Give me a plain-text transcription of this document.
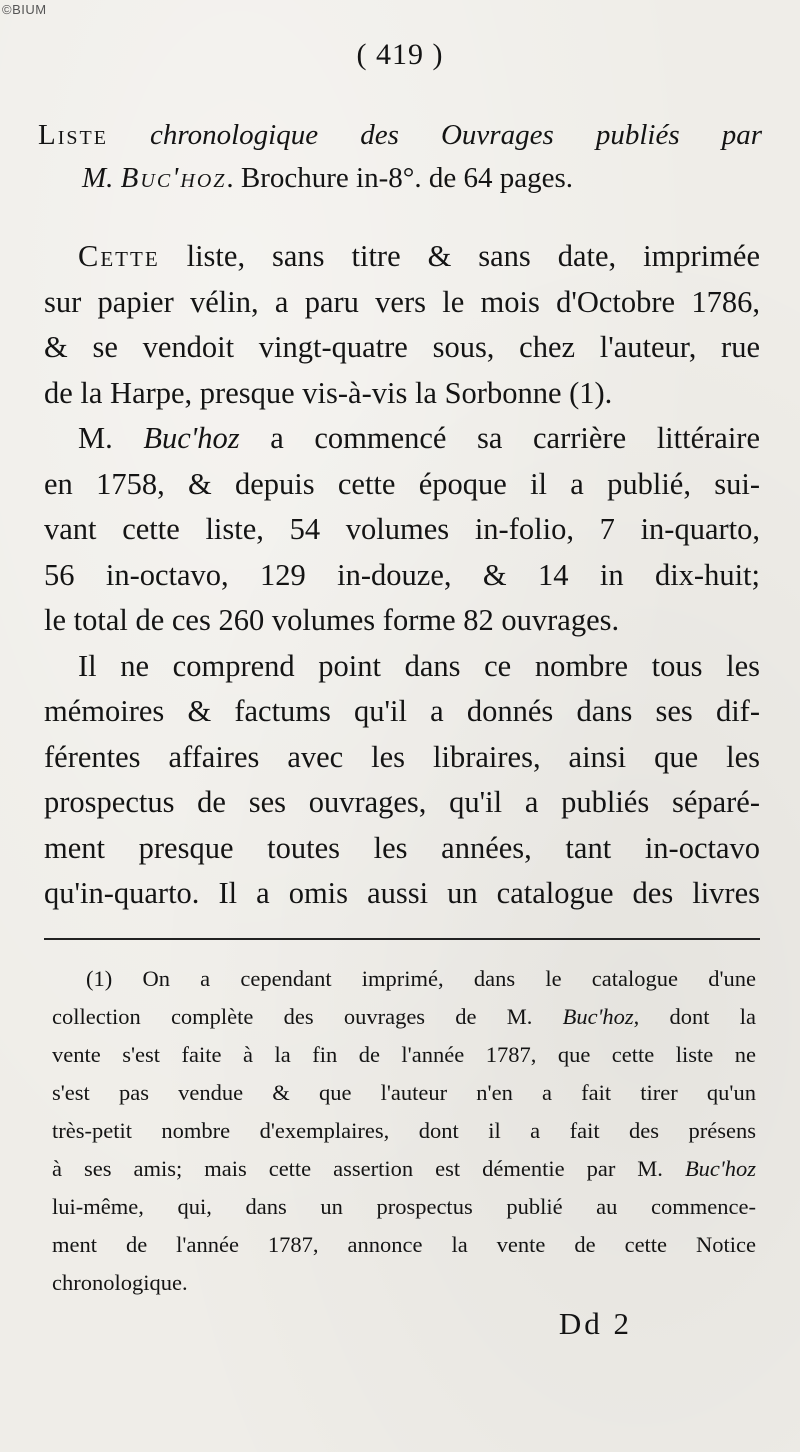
©BIUM
( 419 )
Liste chronologique des Ouvrages publiés par
M. Buc'hoz. Brochure in-8°. de 64 pages.

Cette liste, sans titre & sans date, imprimée

sur papier vélin, a paru vers le mois d'Octobre 1786,

& se vendoit vingt-quatre sous, chez l'auteur, rue

de la Harpe, presque vis-à-vis la Sorbonne (1).

M. Buc'hoz a commencé sa carrière littéraire

en 1758, & depuis cette époque il a publié, sui-

vant cette liste, 54 volumes in-folio, 7 in-quarto,

56 in-octavo, 129 in-douze, & 14 in dix-huit;

le total de ces 260 volumes forme 82 ouvrages.

Il ne comprend point dans ce nombre tous les

mémoires & factums qu'il a donnés dans ses dif-

férentes affaires avec les libraires, ainsi que les

prospectus de ses ouvrages, qu'il a publiés séparé-

ment presque toutes les années, tant in-octavo

qu'in-quarto. Il a omis aussi un catalogue des livres

(1) On a cependant imprimé, dans le catalogue d'une

collection complète des ouvrages de M. Buc'hoz, dont la

vente s'est faite à la fin de l'année 1787, que cette liste ne

s'est pas vendue & que l'auteur n'en a fait tirer qu'un

très-petit nombre d'exemplaires, dont il a fait des présens

à ses amis; mais cette assertion est démentie par M. Buc'hoz

lui-même, qui, dans un prospectus publié au commence-

ment de l'année 1787, annonce la vente de cette Notice

chronologique.

Dd 2
